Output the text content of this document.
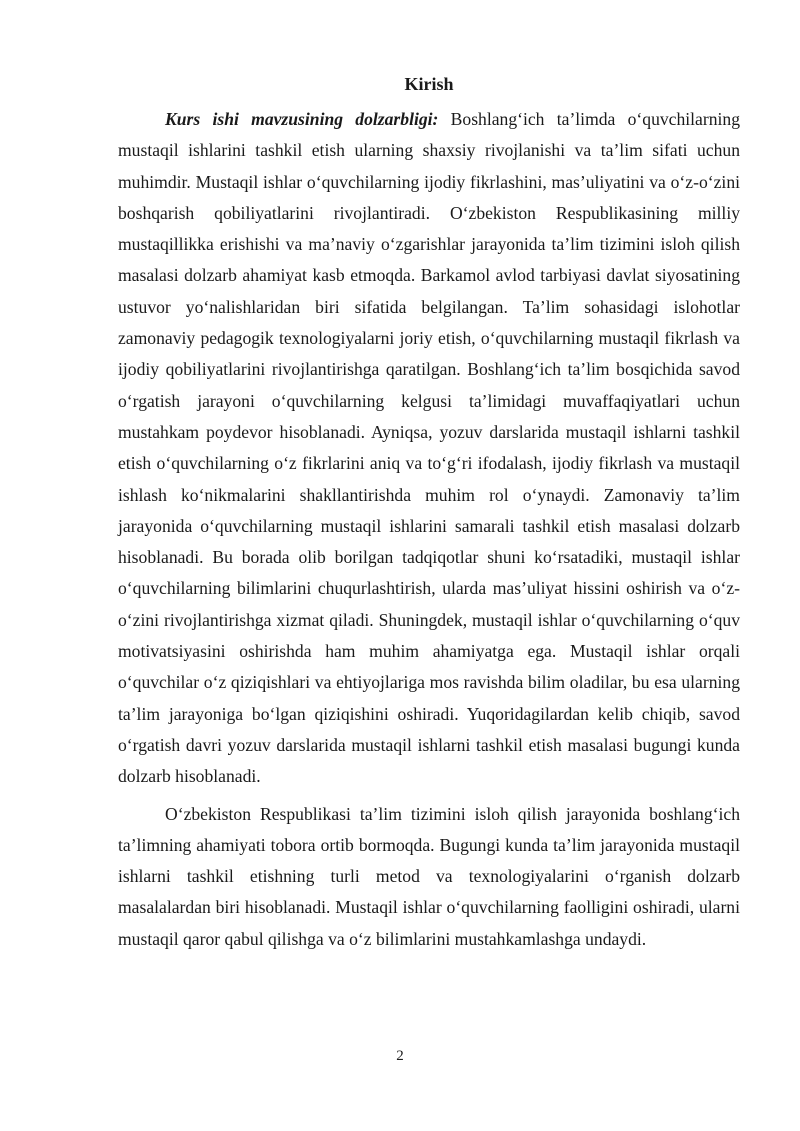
Kirish

Kurs ishi mavzusining dolzarbligi: Boshlang‘ich ta’limda o‘quvchilarning mustaqil ishlarini tashkil etish ularning shaxsiy rivojlanishi va ta’lim sifati uchun muhimdir. Mustaqil ishlar o‘quvchilarning ijodiy fikrlashini, mas’uliyatini va o‘z-o‘zini boshqarish qobiliyatlarini rivojlantiradi. O‘zbekiston Respublikasining milliy mustaqillikka erishishi va ma’naviy o‘zgarishlar jarayonida ta’lim tizimini isloh qilish masalasi dolzarb ahamiyat kasb etmoqda. Barkamol avlod tarbiyasi davlat siyosatining ustuvor yo‘nalishlaridan biri sifatida belgilangan. Ta’lim sohasidagi islohotlar zamonaviy pedagogik texnologiyalarni joriy etish, o‘quvchilarning mustaqil fikrlash va ijodiy qobiliyatlarini rivojlantirishga qaratilgan. Boshlang‘ich ta’lim bosqichida savod o‘rgatish jarayoni o‘quvchilarning kelgusi ta’limidagi muvaffaqiyatlari uchun mustahkam poydevor hisoblanadi. Ayniqsa, yozuv darslarida mustaqil ishlarni tashkil etish o‘quvchilarning o‘z fikrlarini aniq va to‘g‘ri ifodalash, ijodiy fikrlash va mustaqil ishlash ko‘nikmalarini shakllantirishda muhim rol o‘ynaydi. Zamonaviy ta’lim jarayonida o‘quvchilarning mustaqil ishlarini samarali tashkil etish masalasi dolzarb hisoblanadi. Bu borada olib borilgan tadqiqotlar shuni ko‘rsatadiki, mustaqil ishlar o‘quvchilarning bilimlarini chuqurlashtirish, ularda mas’uliyat hissini oshirish va o‘z-o‘zini rivojlantirishga xizmat qiladi. Shuningdek, mustaqil ishlar o‘quvchilarning o‘quv motivatsiyasini oshirishda ham muhim ahamiyatga ega. Mustaqil ishlar orqali o‘quvchilar o‘z qiziqishlari va ehtiyojlariga mos ravishda bilim oladilar, bu esa ularning ta’lim jarayoniga bo‘lgan qiziqishini oshiradi. Yuqoridagilardan kelib chiqib, savod o‘rgatish davri yozuv darslarida mustaqil ishlarni tashkil etish masalasi bugungi kunda dolzarb hisoblanadi.

O‘zbekiston Respublikasi ta’lim tizimini isloh qilish jarayonida boshlang‘ich ta’limning ahamiyati tobora ortib bormoqda. Bugungi kunda ta’lim jarayonida mustaqil ishlarni tashkil etishning turli metod va texnologiyalarini o‘rganish dolzarb masalalardan biri hisoblanadi. Mustaqil ishlar o‘quvchilarning faolligini oshiradi, ularni mustaqil qaror qabul qilishga va o‘z bilimlarini mustahkamlashga undaydi.

2
